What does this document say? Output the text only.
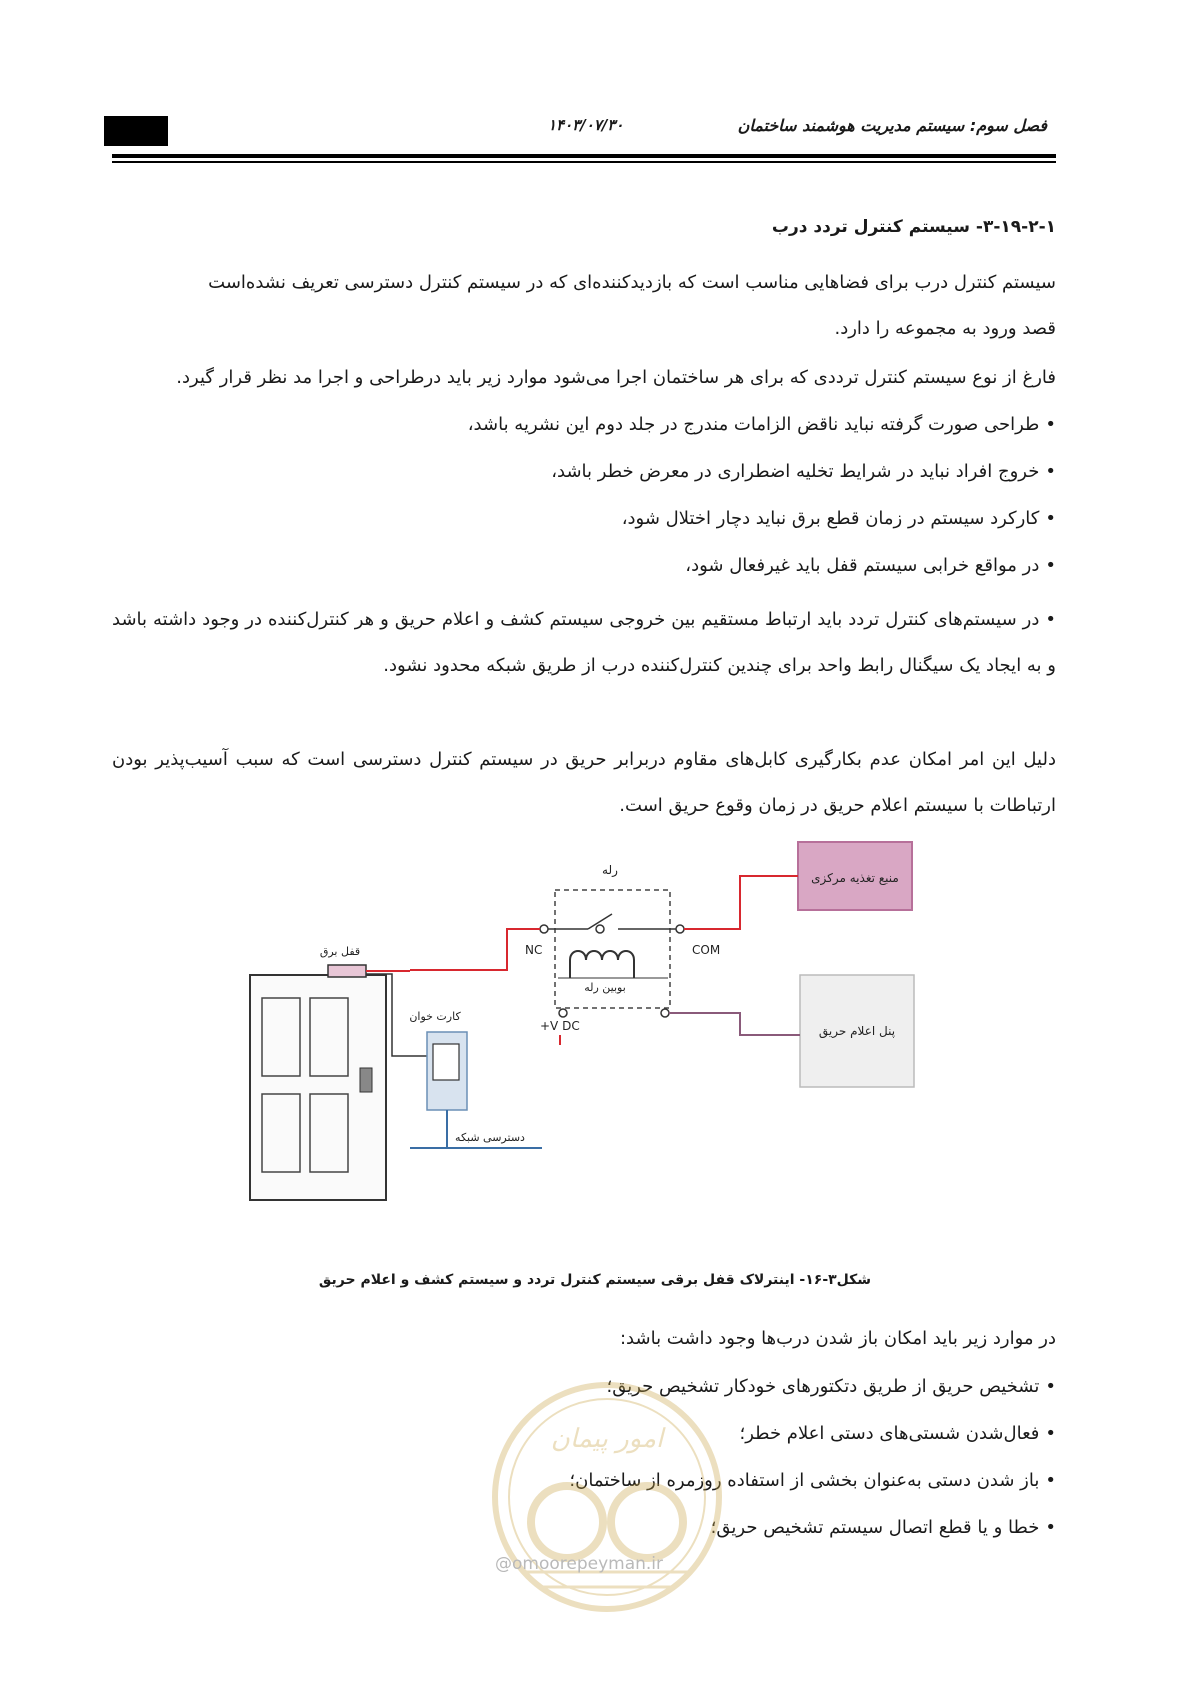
فصل سوم: سیستم مدیریت هوشمند ساختمان
۱۴۰۳/۰۷/۳۰
۳-۱۹-۲-۱- سیستم کنترل تردد درب
سیستم کنترل درب برای فضاهایی مناسب است که بازدیدکننده‌ای که در سیستم کنترل دسترسی تعریف نشده‌است
قصد ورود به مجموعه را دارد.
فارغ از نوع سیستم کنترل ترددی که برای هر ساختمان اجرا می‌شود موارد زیر باید درطراحی و اجرا مد نظر قرار گیرد.
• طراحی صورت گرفته نباید ناقض الزامات مندرج در جلد دوم این نشریه باشد،
• خروج افراد نباید در شرایط تخلیه اضطراری در معرض خطر باشد،
• کارکرد سیستم در زمان قطع برق نباید دچار اختلال شود،
• در مواقع خرابی سیستم قفل باید غیرفعال شود،
• در سیستم‌های کنترل تردد باید ارتباط مستقیم بین خروجی سیستم کشف و اعلام حریق و هر کنترل‌کننده در وجود داشته باشد و به ایجاد یک سیگنال رابط واحد برای چندین کنترل‌کننده درب از طریق شبکه محدود نشود.
دلیل این امر امکان عدم بکارگیری کابل‌های مقاوم دربرابر حریق در سیستم کنترل دسترسی است که سبب آسیب‌پذیر بودن ارتباطات با سیستم اعلام حریق در زمان وقوع حریق است.
منبع تغذیه مرکزی
پنل اعلام حریق
رله
NC	COM
بوبین رله
+V DC
قفل برق
کارت خوان
دسترسی شبکه
شکل۳-۱۶- اینترلاک قفل برقی سیستم کنترل تردد و سیستم کشف و اعلام حریق
در موارد زیر باید امکان باز شدن درب‌ها وجود داشت باشد:
• تشخیص حریق از طریق دتکتورهای خودکار تشخیص حریق؛
• فعال‌شدن شستی‌های دستی اعلام خطر؛
• باز شدن دستی به‌عنوان بخشی از استفاده روزمره از ساختمان؛
• خطا و یا قطع اتصال سیستم تشخیص حریق؛
امور پیمان
@omoorepeyman.ir
